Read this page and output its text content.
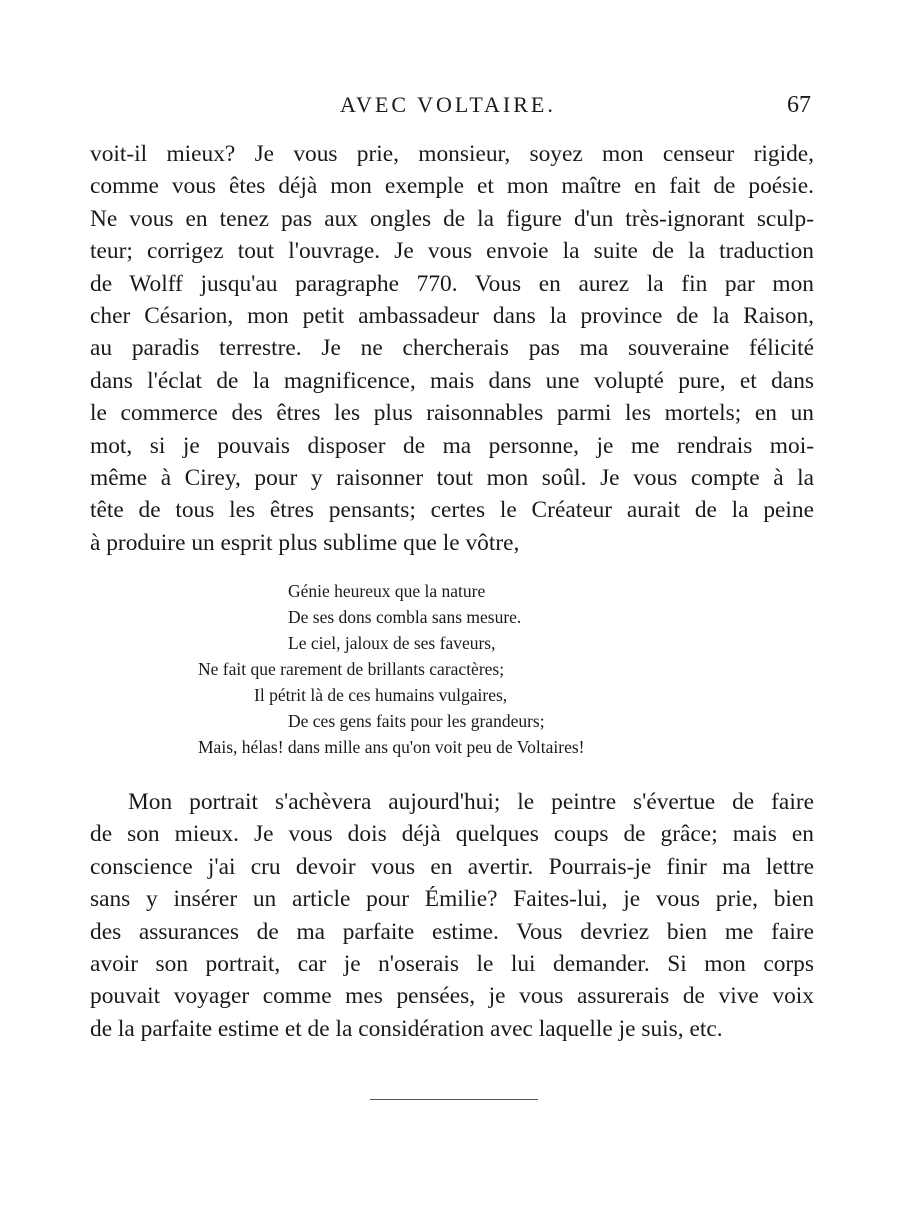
AVEC VOLTAIRE.	67
voit-il mieux? Je vous prie, monsieur, soyez mon censeur rigide,
comme vous êtes déjà mon exemple et mon maître en fait de poésie.
Ne vous en tenez pas aux ongles de la figure d'un très-ignorant sculp-
teur; corrigez tout l'ouvrage. Je vous envoie la suite de la traduction
de Wolff jusqu'au paragraphe 770. Vous en aurez la fin par mon
cher Césarion, mon petit ambassadeur dans la province de la Raison,
au paradis terrestre. Je ne chercherais pas ma souveraine félicité
dans l'éclat de la magnificence, mais dans une volupté pure, et dans
le commerce des êtres les plus raisonnables parmi les mortels; en un
mot, si je pouvais disposer de ma personne, je me rendrais moi-
même à Cirey, pour y raisonner tout mon soûl. Je vous compte à la
tête de tous les êtres pensants; certes le Créateur aurait de la peine
à produire un esprit plus sublime que le vôtre,
Génie heureux que la nature
De ses dons combla sans mesure.
Le ciel, jaloux de ses faveurs,
Ne fait que rarement de brillants caractères;
Il pétrit là de ces humains vulgaires,
De ces gens faits pour les grandeurs;
Mais, hélas! dans mille ans qu'on voit peu de Voltaires!
Mon portrait s'achèvera aujourd'hui; le peintre s'évertue de faire
de son mieux. Je vous dois déjà quelques coups de grâce; mais en
conscience j'ai cru devoir vous en avertir. Pourrais-je finir ma lettre
sans y insérer un article pour Émilie? Faites-lui, je vous prie, bien
des assurances de ma parfaite estime. Vous devriez bien me faire
avoir son portrait, car je n'oserais le lui demander. Si mon corps
pouvait voyager comme mes pensées, je vous assurerais de vive voix
de la parfaite estime et de la considération avec laquelle je suis, etc.
